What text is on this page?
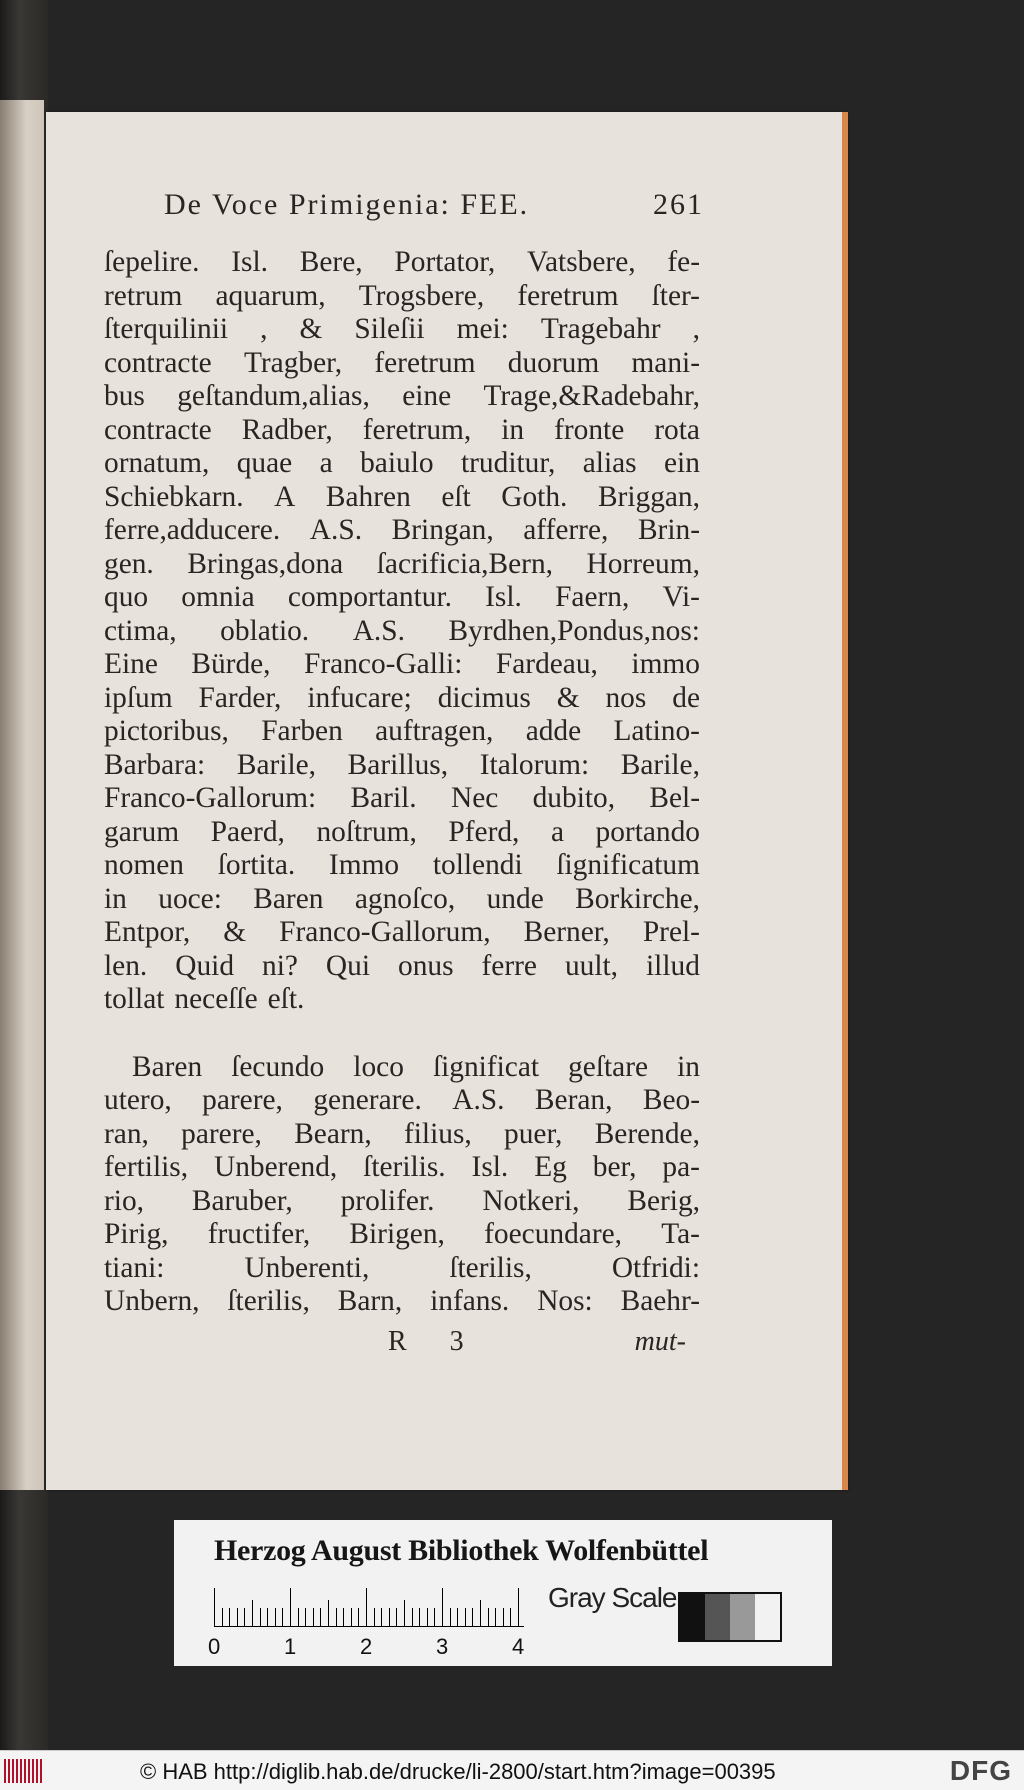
De Voce Primigenia: FEE.	261
ſepelire. Isl. Bere, Portator, Vatsbere, fe-
retrum aquarum, Trogsbere, feretrum ſter-
ſterquilinii , & Sileſii mei: Tragebahr ,
contracte Tragber, feretrum duorum mani-
bus geſtandum,alias, eine Trage,&Radebahr,
contracte Radber, feretrum, in fronte rota
ornatum, quae a baiulo truditur, alias ein
Schiebkarn. A Bahren eſt Goth. Briggan,
ferre,adducere. A.S. Bringan, afferre, Brin-
gen. Bringas,dona ſacrificia,Bern, Horreum,
quo omnia comportantur. Isl. Faern, Vi-
ctima, oblatio. A.S. Byrdhen,Pondus,nos:
Eine Bürde, Franco-Galli: Fardeau, immo
ipſum Farder, infucare; dicimus & nos de
pictoribus, Farben auftragen, adde Latino-
Barbara: Barile, Barillus, Italorum: Barile,
Franco-Gallorum: Baril. Nec dubito, Bel-
garum Paerd, noſtrum, Pferd, a portando
nomen ſortita. Immo tollendi ſignificatum
in uoce: Baren agnoſco, unde Borkirche,
Entpor, & Franco-Gallorum, Berner, Prel-
len. Quid ni? Qui onus ferre uult, illud
tollat neceſſe eſt.
Baren ſecundo loco ſignificat geſtare in
utero, parere, generare. A.S. Beran, Beo-
ran, parere, Bearn, filius, puer, Berende,
fertilis, Unberend, ſterilis. Isl. Eg ber, pa-
rio, Baruber, prolifer. Notkeri, Berig,
Pirig, fructifer, Birigen, foecundare, Ta-
tiani:	Unberenti,	ſterilis,	Otfridi:
Unbern, ſterilis, Barn, infans. Nos: Baehr-
R 3	mut-
Herzog August Bibliothek Wolfenbüttel
0	1	2	3	4
Gray Scale
© HAB http://diglib.hab.de/drucke/li-2800/start.htm?image=00395	DFG
